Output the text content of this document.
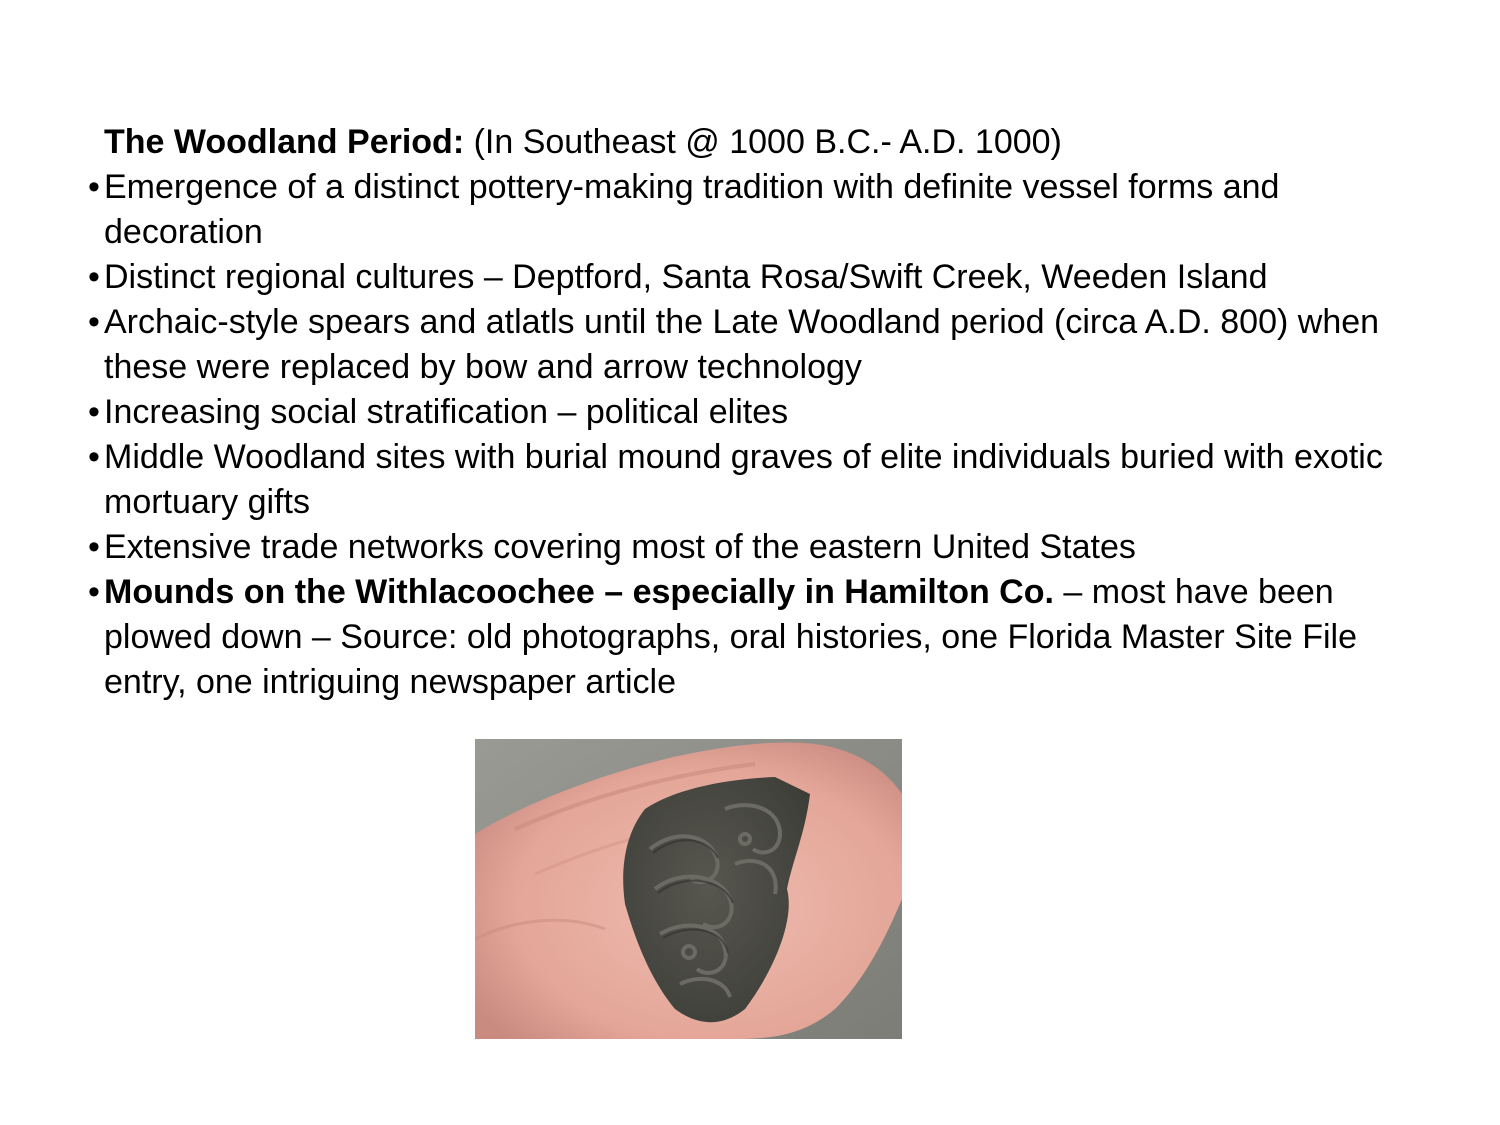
The Woodland Period: (In Southeast @ 1000 B.C.- A.D. 1000)

• Emergence of a distinct pottery-making tradition with definite vessel forms and decoration
• Distinct regional cultures – Deptford, Santa Rosa/Swift Creek, Weeden Island
• Archaic-style spears and atlatls until the Late Woodland period (circa A.D. 800) when these were replaced by bow and arrow technology
• Increasing social stratification – political elites
• Middle Woodland sites with burial mound graves of elite individuals buried with exotic mortuary gifts
• Extensive trade networks covering most of the eastern United States
• Mounds on the Withlacoochee – especially in Hamilton Co. – most have been plowed down – Source: old photographs, oral histories, one Florida Master Site File entry, one intriguing newspaper article
